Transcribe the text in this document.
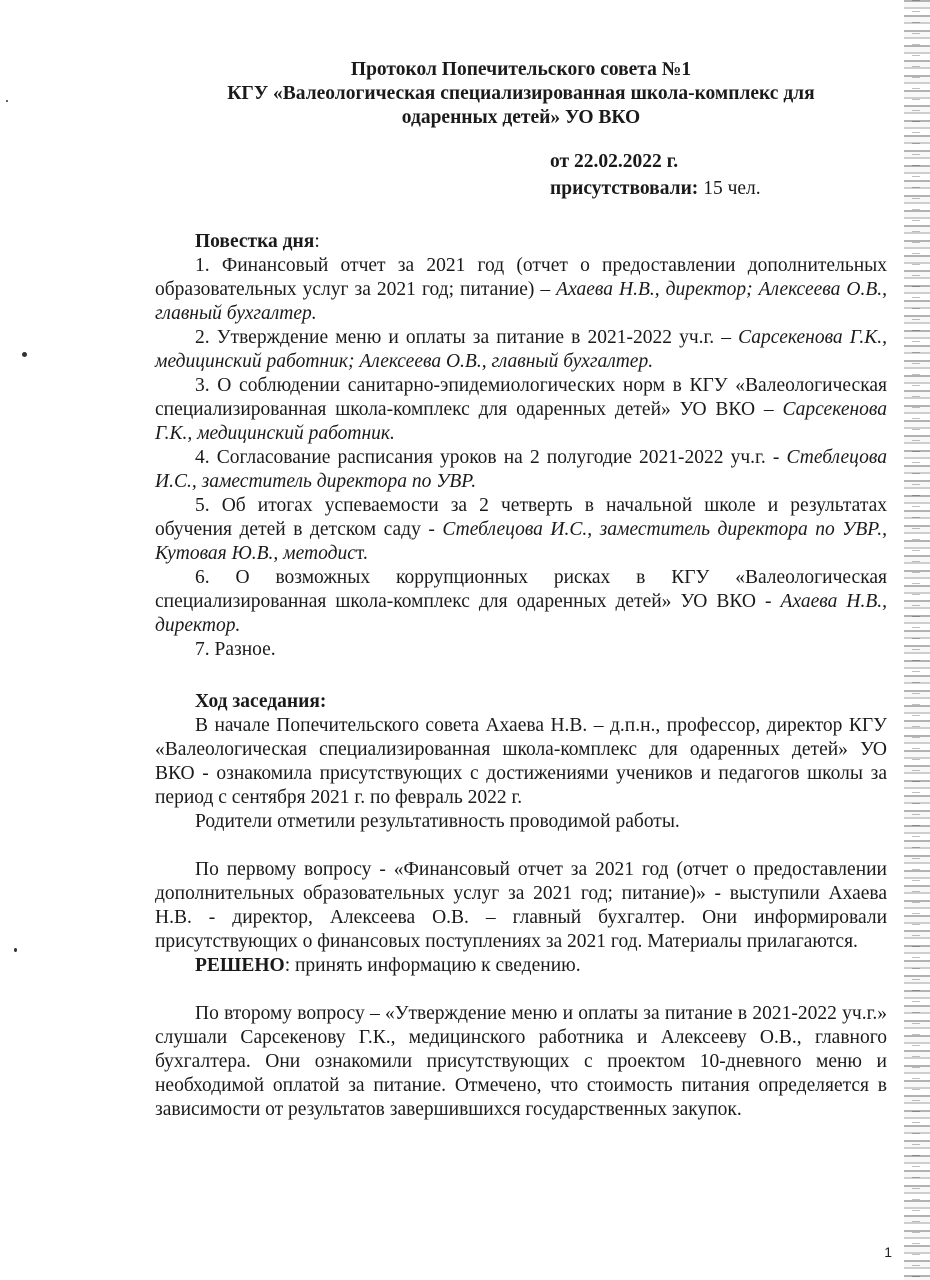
Протокол Попечительского совета №1
КГУ «Валеологическая специализированная школа-комплекс для
одаренных детей» УО ВКО
от 22.02.2022 г.
присутствовали: 15 чел.
Повестка дня:
1. Финансовый отчет за 2021 год (отчет о предоставлении дополнительных образовательных услуг за 2021 год; питание) – Ахаева Н.В., директор; Алексеева О.В., главный бухгалтер.
2. Утверждение меню и оплаты за питание в 2021-2022 уч.г. – Сарсекенова Г.К., медицинский работник; Алексеева О.В., главный бухгалтер.
3. О соблюдении санитарно-эпидемиологических норм в КГУ «Валеологическая специализированная школа-комплекс для одаренных детей» УО ВКО – Сарсекенова Г.К., медицинский работник.
4. Согласование расписания уроков на 2 полугодие 2021-2022 уч.г. - Стеблецова И.С., заместитель директора по УВР.
5. Об итогах успеваемости за 2 четверть в начальной школе и результатах обучения детей в детском саду - Стеблецова И.С., заместитель директора по УВР., Кутовая Ю.В., методист.
6. О возможных коррупционных рисках в КГУ «Валеологическая специализированная школа-комплекс для одаренных детей» УО ВКО - Ахаева Н.В., директор.
7. Разное.
Ход заседания:

В начале Попечительского совета Ахаева Н.В. – д.п.н., профессор, директор КГУ «Валеологическая специализированная школа-комплекс для одаренных детей» УО ВКО - ознакомила присутствующих с достижениями учеников и педагогов школы за период с сентября 2021 г. по февраль 2022 г.

Родители отметили результативность проводимой работы.

По первому вопросу - «Финансовый отчет за 2021 год (отчет о предоставлении дополнительных образовательных услуг за 2021 год; питание)» - выступили Ахаева Н.В. - директор, Алексеева О.В. – главный бухгалтер. Они информировали присутствующих о финансовых поступлениях за 2021 год. Материалы прилагаются.

РЕШЕНО: принять информацию к сведению.

По второму вопросу – «Утверждение меню и оплаты за питание в 2021-2022 уч.г.» слушали Сарсекенову Г.К., медицинского работника и Алексееву О.В., главного бухгалтера. Они ознакомили присутствующих с проектом 10-дневного меню и необходимой оплатой за питание. Отмечено, что стоимость питания определяется в зависимости от результатов завершившихся государственных закупок.

1
